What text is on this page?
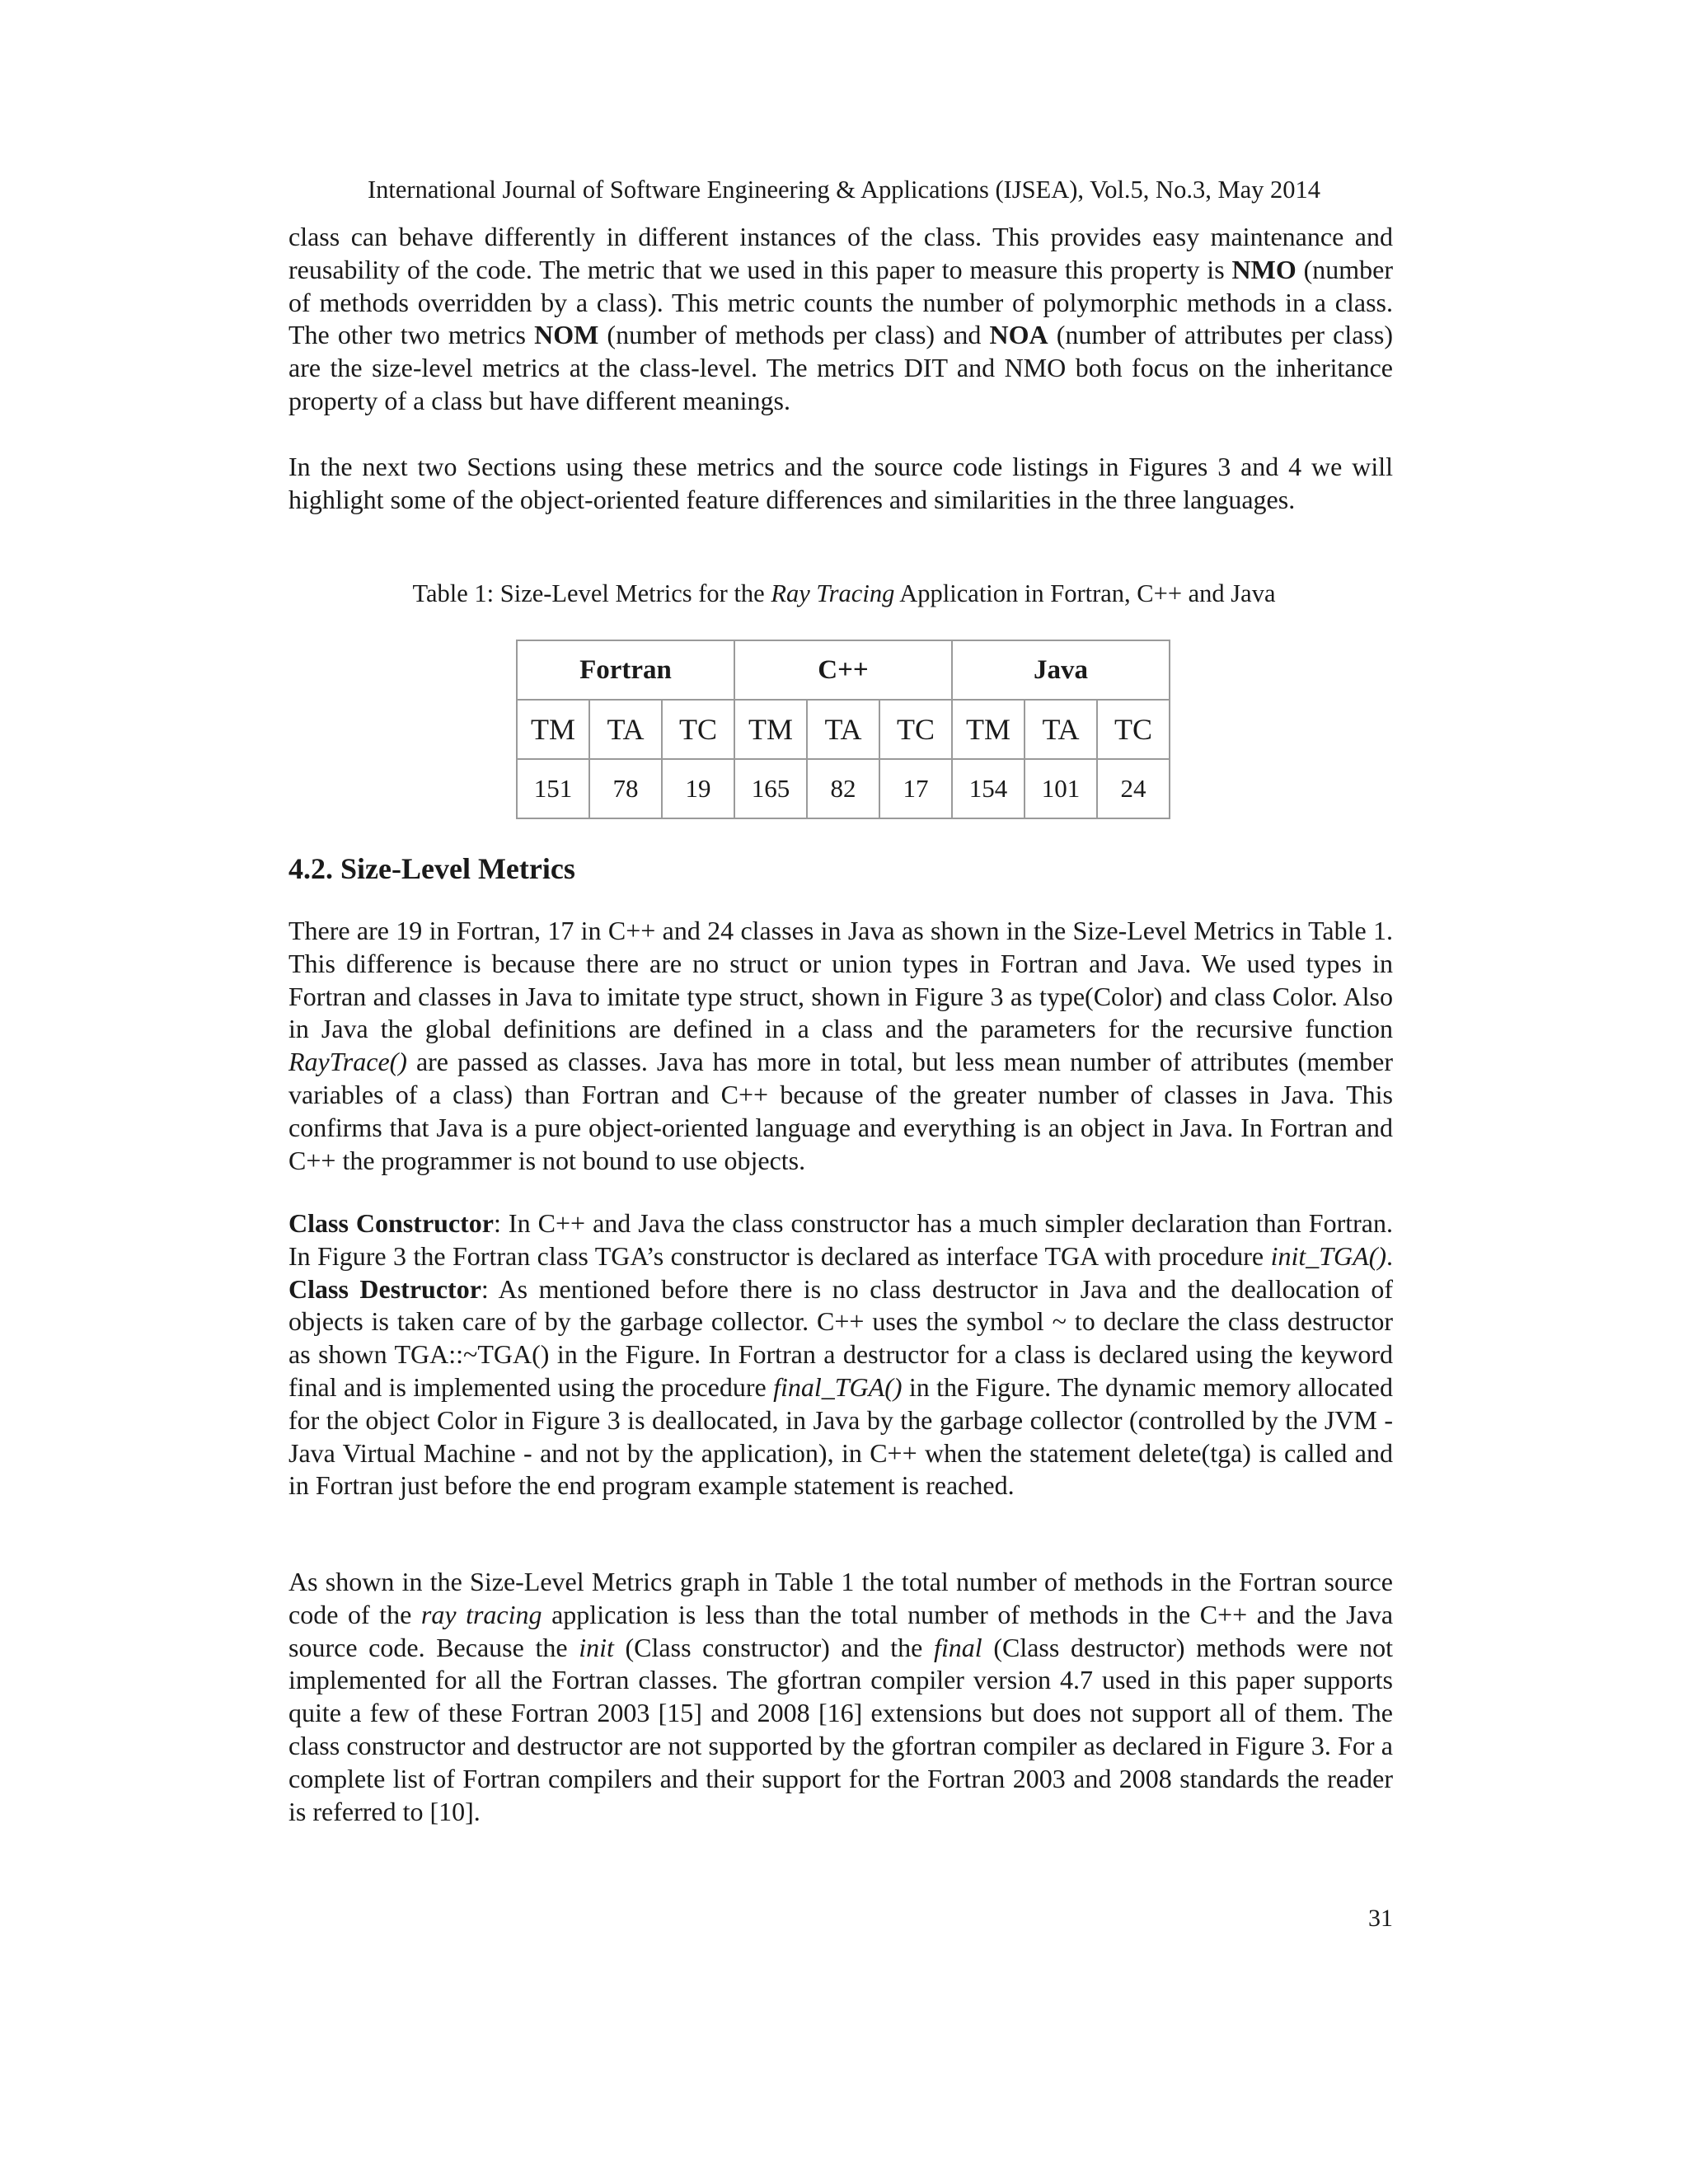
International Journal of Software Engineering & Applications (IJSEA), Vol.5, No.3, May 2014

class can behave differently in different instances of the class. This provides easy maintenance and reusability of the code. The metric that we used in this paper to measure this property is NMO (number of methods overridden by a class). This metric counts the number of polymorphic methods in a class. The other two metrics NOM (number of methods per class) and NOA (number of attributes per class) are the size-level metrics at the class-level. The metrics DIT and NMO both focus on the inheritance property of a class but have different meanings.

In the next two Sections using these metrics and the source code listings in Figures 3 and 4 we will highlight some of the object-oriented feature differences and similarities in the three languages.

Table 1: Size-Level Metrics for the Ray Tracing Application in Fortran, C++ and Java
Fortran			C++			Java		
TM	TA	TC	TM	TA	TC	TM	TA	TC
151	78	19	165	82	17	154	101	24
4.2. Size-Level Metrics

There are 19 in Fortran, 17 in C++ and 24 classes in Java as shown in the Size-Level Metrics in Table 1. This difference is because there are no struct or union types in Fortran and Java. We used types in Fortran and classes in Java to imitate type struct, shown in Figure 3 as type(Color) and class Color. Also in Java the global definitions are defined in a class and the parameters for the recursive function RayTrace() are passed as classes. Java has more in total, but less mean number of attributes (member variables of a class) than Fortran and C++ because of the greater number of classes in Java. This confirms that Java is a pure object-oriented language and everything is an object in Java. In Fortran and C++ the programmer is not bound to use objects.

Class Constructor: In C++ and Java the class constructor has a much simpler declaration than Fortran. In Figure 3 the Fortran class TGA’s constructor is declared as interface TGA with procedure init_TGA(). Class Destructor: As mentioned before there is no class destructor in Java and the deallocation of objects is taken care of by the garbage collector. C++ uses the symbol ~ to declare the class destructor as shown TGA::~TGA() in the Figure. In Fortran a destructor for a class is declared using the keyword final and is implemented using the procedure final_TGA() in the Figure. The dynamic memory allocated for the object Color in Figure 3 is deallocated, in Java by the garbage collector (controlled by the JVM - Java Virtual Machine - and not by the application), in C++ when the statement delete(tga) is called and in Fortran just before the end program example statement is reached.

As shown in the Size-Level Metrics graph in Table 1 the total number of methods in the Fortran source code of the ray tracing application is less than the total number of methods in the C++ and the Java source code. Because the init (Class constructor) and the final (Class destructor) methods were not implemented for all the Fortran classes. The gfortran compiler version 4.7 used in this paper supports quite a few of these Fortran 2003 [15] and 2008 [16] extensions but does not support all of them. The class constructor and destructor are not supported by the gfortran compiler as declared in Figure 3. For a complete list of Fortran compilers and their support for the Fortran 2003 and 2008 standards the reader is referred to [10].

31
